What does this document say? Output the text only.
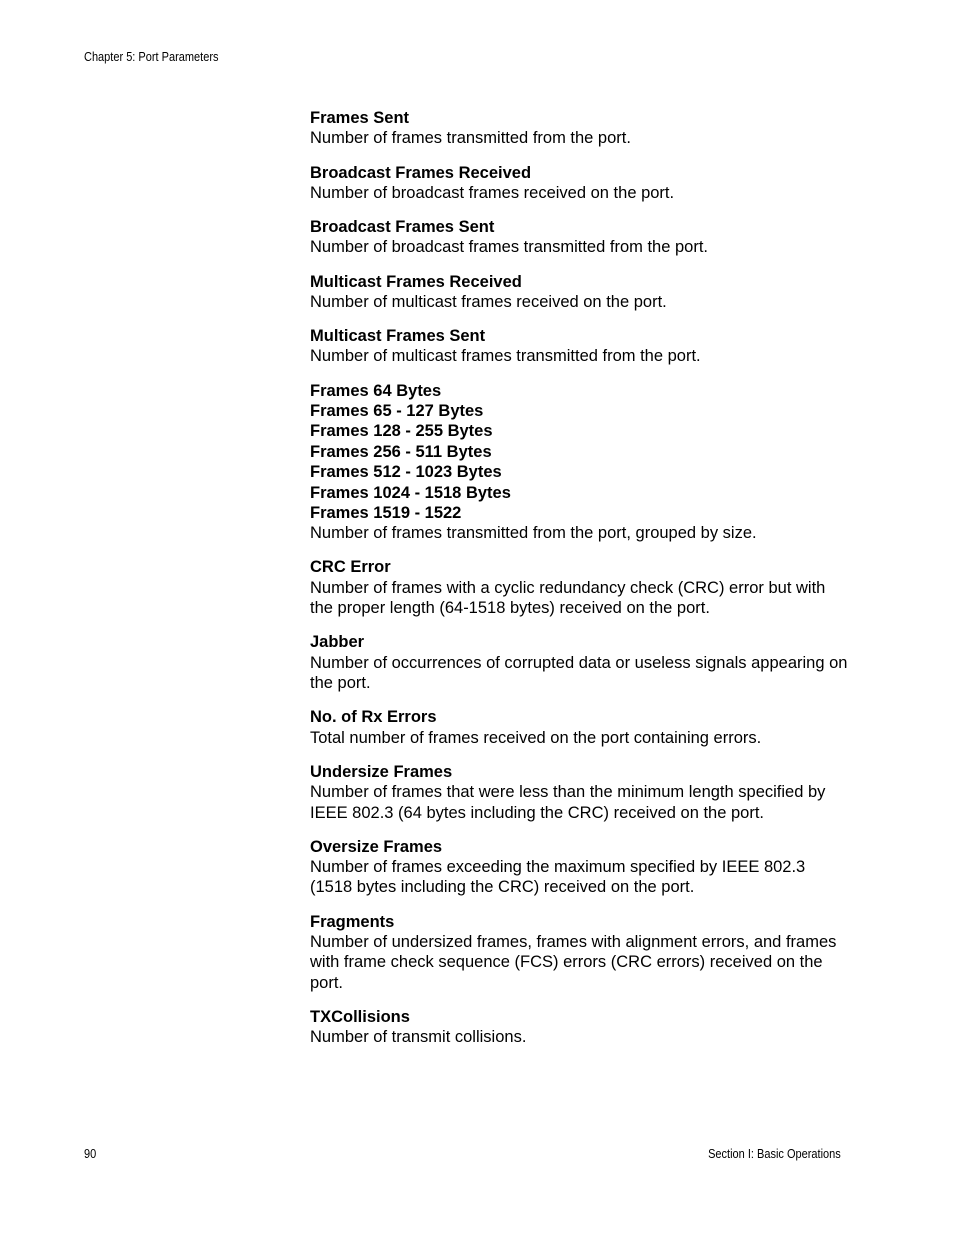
Chapter 5: Port Parameters
Frames Sent
Number of frames transmitted from the port.
Broadcast Frames Received
Number of broadcast frames received on the port.
Broadcast Frames Sent
Number of broadcast frames transmitted from the port.
Multicast Frames Received
Number of multicast frames received on the port.
Multicast Frames Sent
Number of multicast frames transmitted from the port.
Frames 64 Bytes
Frames 65 - 127 Bytes
Frames 128 - 255 Bytes
Frames 256 - 511 Bytes
Frames 512 - 1023 Bytes
Frames 1024 - 1518 Bytes
Frames 1519 - 1522
Number of frames transmitted from the port, grouped by size.
CRC Error
Number of frames with a cyclic redundancy check (CRC) error but with the proper length (64-1518 bytes) received on the port.
Jabber
Number of occurrences of corrupted data or useless signals appearing on the port.
No. of Rx Errors
Total number of frames received on the port containing errors.
Undersize Frames
Number of frames that were less than the minimum length specified by IEEE 802.3 (64 bytes including the CRC) received on the port.
Oversize Frames
Number of frames exceeding the maximum specified by IEEE 802.3 (1518 bytes including the CRC) received on the port.
Fragments
Number of undersized frames, frames with alignment errors, and frames with frame check sequence (FCS) errors (CRC errors) received on the port.
TXCollisions
Number of transmit collisions.
90	Section I: Basic Operations
